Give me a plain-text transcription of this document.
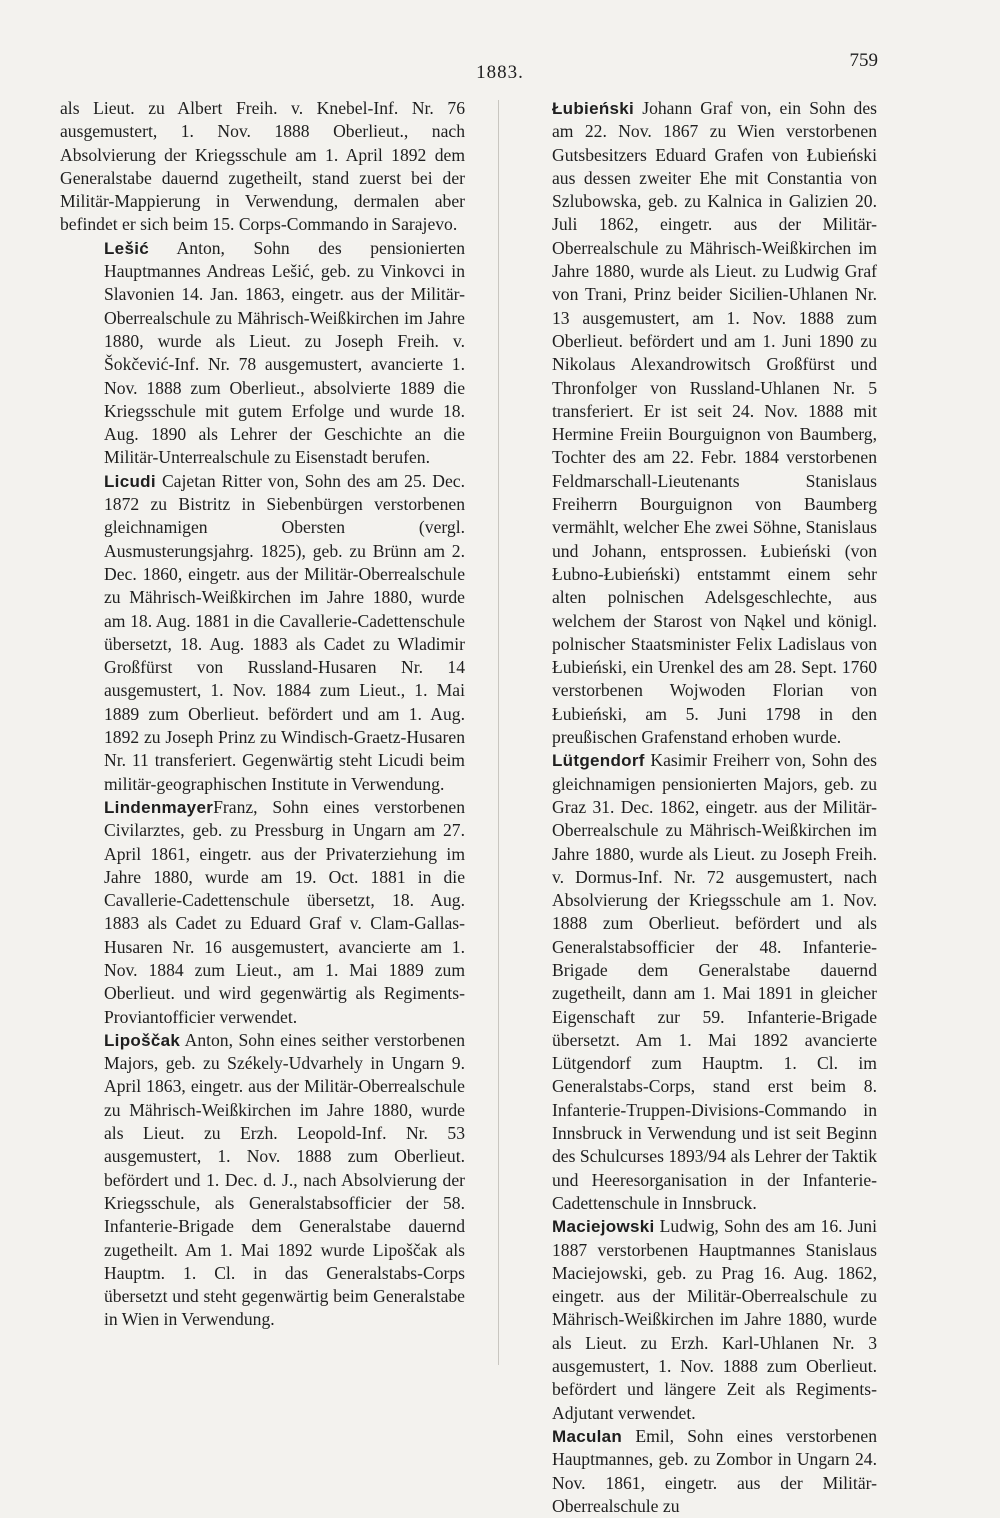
1883.
759

als Lieut. zu Albert Freih. v. Knebel-Inf. Nr. 76 ausgemustert, 1. Nov. 1888 Oberlieut., nach Absolvierung der Kriegsschule am 1. April 1892 dem Generalstabe dauernd zugetheilt, stand zuerst bei der Militär-Mappierung in Verwendung, dermalen aber befindet er sich beim 15. Corps-Commando in Sarajevo.

Lešić Anton, Sohn des pensionierten Hauptmannes Andreas Lešić, geb. zu Vinkovci in Slavonien 14. Jan. 1863, eingetr. aus der Militär-Oberrealschule zu Mährisch-Weißkirchen im Jahre 1880, wurde als Lieut. zu Joseph Freih. v. Šokčević-Inf. Nr. 78 ausgemustert, avancierte 1. Nov. 1888 zum Oberlieut., absolvierte 1889 die Kriegsschule mit gutem Erfolge und wurde 18. Aug. 1890 als Lehrer der Geschichte an die Militär-Unterrealschule zu Eisenstadt berufen.

Licudi Cajetan Ritter von, Sohn des am 25. Dec. 1872 zu Bistritz in Siebenbürgen verstorbenen gleichnamigen Obersten (vergl. Ausmusterungsjahrg. 1825), geb. zu Brünn am 2. Dec. 1860, eingetr. aus der Militär-Oberrealschule zu Mährisch-Weißkirchen im Jahre 1880, wurde am 18. Aug. 1881 in die Cavallerie-Cadettenschule übersetzt, 18. Aug. 1883 als Cadet zu Wladimir Großfürst von Russland-Husaren Nr. 14 ausgemustert, 1. Nov. 1884 zum Lieut., 1. Mai 1889 zum Oberlieut. befördert und am 1. Aug. 1892 zu Joseph Prinz zu Windisch-Graetz-Husaren Nr. 11 transferiert. Gegenwärtig steht Licudi beim militär-geographischen Institute in Verwendung.

LindenmayerFranz, Sohn eines verstorbenen Civilarztes, geb. zu Pressburg in Ungarn am 27. April 1861, eingetr. aus der Privaterziehung im Jahre 1880, wurde am 19. Oct. 1881 in die Cavallerie-Cadettenschule übersetzt, 18. Aug. 1883 als Cadet zu Eduard Graf v. Clam-Gallas-Husaren Nr. 16 ausgemustert, avancierte am 1. Nov. 1884 zum Lieut., am 1. Mai 1889 zum Oberlieut. und wird gegenwärtig als Regiments-Proviantofficier verwendet.

Lipoščak Anton, Sohn eines seither verstorbenen Majors, geb. zu Székely-Udvarhely in Ungarn 9. April 1863, eingetr. aus der Militär-Oberrealschule zu Mährisch-Weißkirchen im Jahre 1880, wurde als Lieut. zu Erzh. Leopold-Inf. Nr. 53 ausgemustert, 1. Nov. 1888 zum Oberlieut. befördert und 1. Dec. d. J., nach Absolvierung der Kriegsschule, als Generalstabsofficier der 58. Infanterie-Brigade dem Generalstabe dauernd zugetheilt. Am 1. Mai 1892 wurde Lipoščak als Hauptm. 1. Cl. in das Generalstabs-Corps übersetzt und steht gegenwärtig beim Generalstabe in Wien in Verwendung.

Łubieński Johann Graf von, ein Sohn des am 22. Nov. 1867 zu Wien verstorbenen Gutsbesitzers Eduard Grafen von Łubieński aus dessen zweiter Ehe mit Constantia von Szlubowska, geb. zu Kalnica in Galizien 20. Juli 1862, eingetr. aus der Militär-Oberrealschule zu Mährisch-Weißkirchen im Jahre 1880, wurde als Lieut. zu Ludwig Graf von Trani, Prinz beider Sicilien-Uhlanen Nr. 13 ausgemustert, am 1. Nov. 1888 zum Oberlieut. befördert und am 1. Juni 1890 zu Nikolaus Alexandrowitsch Großfürst und Thronfolger von Russland-Uhlanen Nr. 5 transferiert. Er ist seit 24. Nov. 1888 mit Hermine Freiin Bourguignon von Baumberg, Tochter des am 22. Febr. 1884 verstorbenen Feldmarschall-Lieutenants Stanislaus Freiherrn Bourguignon von Baumberg vermählt, welcher Ehe zwei Söhne, Stanislaus und Johann, entsprossen. Łubieński (von Łubno-Łubieński) entstammt einem sehr alten polnischen Adelsgeschlechte, aus welchem der Starost von Nąkel und königl. polnischer Staatsminister Felix Ladislaus von Łubieński, ein Urenkel des am 28. Sept. 1760 verstorbenen Wojwoden Florian von Łubieński, am 5. Juni 1798 in den preußischen Grafenstand erhoben wurde.

Lütgendorf Kasimir Freiherr von, Sohn des gleichnamigen pensionierten Majors, geb. zu Graz 31. Dec. 1862, eingetr. aus der Militär-Oberrealschule zu Mährisch-Weißkirchen im Jahre 1880, wurde als Lieut. zu Joseph Freih. v. Dormus-Inf. Nr. 72 ausgemustert, nach Absolvierung der Kriegsschule am 1. Nov. 1888 zum Oberlieut. befördert und als Generalstabsofficier der 48. Infanterie-Brigade dem Generalstabe dauernd zugetheilt, dann am 1. Mai 1891 in gleicher Eigenschaft zur 59. Infanterie-Brigade übersetzt. Am 1. Mai 1892 avancierte Lütgendorf zum Hauptm. 1. Cl. im Generalstabs-Corps, stand erst beim 8. Infanterie-Truppen-Divisions-Commando in Innsbruck in Verwendung und ist seit Beginn des Schulcurses 1893/94 als Lehrer der Taktik und Heeresorganisation in der Infanterie-Cadettenschule in Innsbruck.

Maciejowski Ludwig, Sohn des am 16. Juni 1887 verstorbenen Hauptmannes Stanislaus Maciejowski, geb. zu Prag 16. Aug. 1862, eingetr. aus der Militär-Oberrealschule zu Mährisch-Weißkirchen im Jahre 1880, wurde als Lieut. zu Erzh. Karl-Uhlanen Nr. 3 ausgemustert, 1. Nov. 1888 zum Oberlieut. befördert und längere Zeit als Regiments-Adjutant verwendet.

Maculan Emil, Sohn eines verstorbenen Hauptmannes, geb. zu Zombor in Ungarn 24. Nov. 1861, eingetr. aus der Militär-Oberrealschule zu
